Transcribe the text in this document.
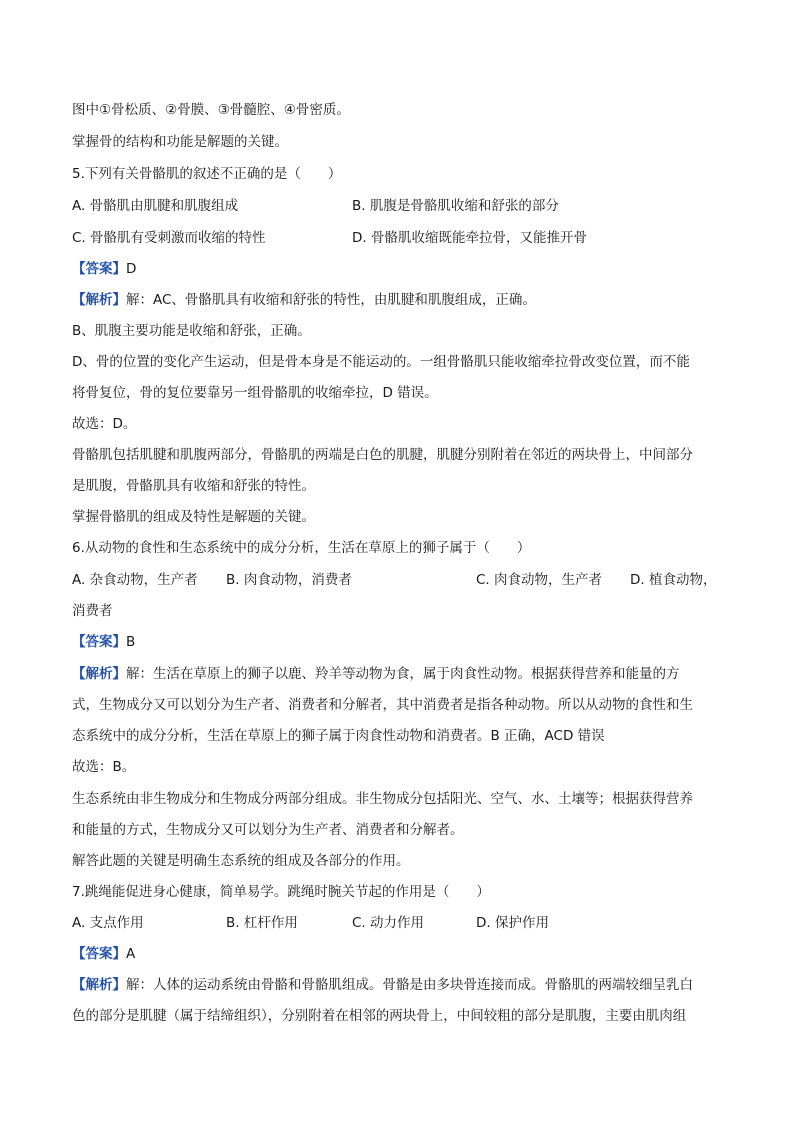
图中①骨松质、②骨膜、③骨髓腔、④骨密质。
掌握骨的结构和功能是解题的关键。
5.下列有关骨骼肌的叙述不正确的是（　　）
A. 骨骼肌由肌腱和肌腹组成	B. 肌腹是骨骼肌收缩和舒张的部分
C. 骨骼肌有受刺激而收缩的特性	D. 骨骼肌收缩既能牵拉骨，又能推开骨
【答案】D
【解析】解：AC、骨骼肌具有收缩和舒张的特性，由肌腱和肌腹组成，正确。
B、肌腹主要功能是收缩和舒张，正确。
D、骨的位置的变化产生运动，但是骨本身是不能运动的。一组骨骼肌只能收缩牵拉骨改变位置，而不能
将骨复位，骨的复位要靠另一组骨骼肌的收缩牵拉，D 错误。
故选：D。
骨骼肌包括肌腱和肌腹两部分，骨骼肌的两端是白色的肌腱，肌腱分别附着在邻近的两块骨上，中间部分
是肌腹，骨骼肌具有收缩和舒张的特性。
掌握骨骼肌的组成及特性是解题的关键。
6.从动物的食性和生态系统中的成分分析，生活在草原上的狮子属于（　　）
A. 杂食动物，生产者 B. 肉食动物，消费者	C. 肉食动物，生产者 D. 植食动物，
消费者
【答案】B
【解析】解：生活在草原上的狮子以鹿、羚羊等动物为食，属于肉食性动物。根据获得营养和能量的方
式，生物成分又可以划分为生产者、消费者和分解者，其中消费者是指各种动物。所以从动物的食性和生
态系统中的成分分析，生活在草原上的狮子属于肉食性动物和消费者。B 正确，ACD 错误
故选：B。
生态系统由非生物成分和生物成分两部分组成。非生物成分包括阳光、空气、水、土壤等；根据获得营养
和能量的方式，生物成分又可以划分为生产者、消费者和分解者。
解答此题的关键是明确生态系统的组成及各部分的作用。
7.跳绳能促进身心健康，简单易学。跳绳时腕关节起的作用是（　　）
A. 支点作用	B. 杠杆作用	C. 动力作用	D. 保护作用
【答案】A
【解析】解：人体的运动系统由骨骼和骨骼肌组成。骨骼是由多块骨连接而成。骨骼肌的两端较细呈乳白
色的部分是肌腱（属于结缔组织），分别附着在相邻的两块骨上，中间较粗的部分是肌腹，主要由肌肉组
